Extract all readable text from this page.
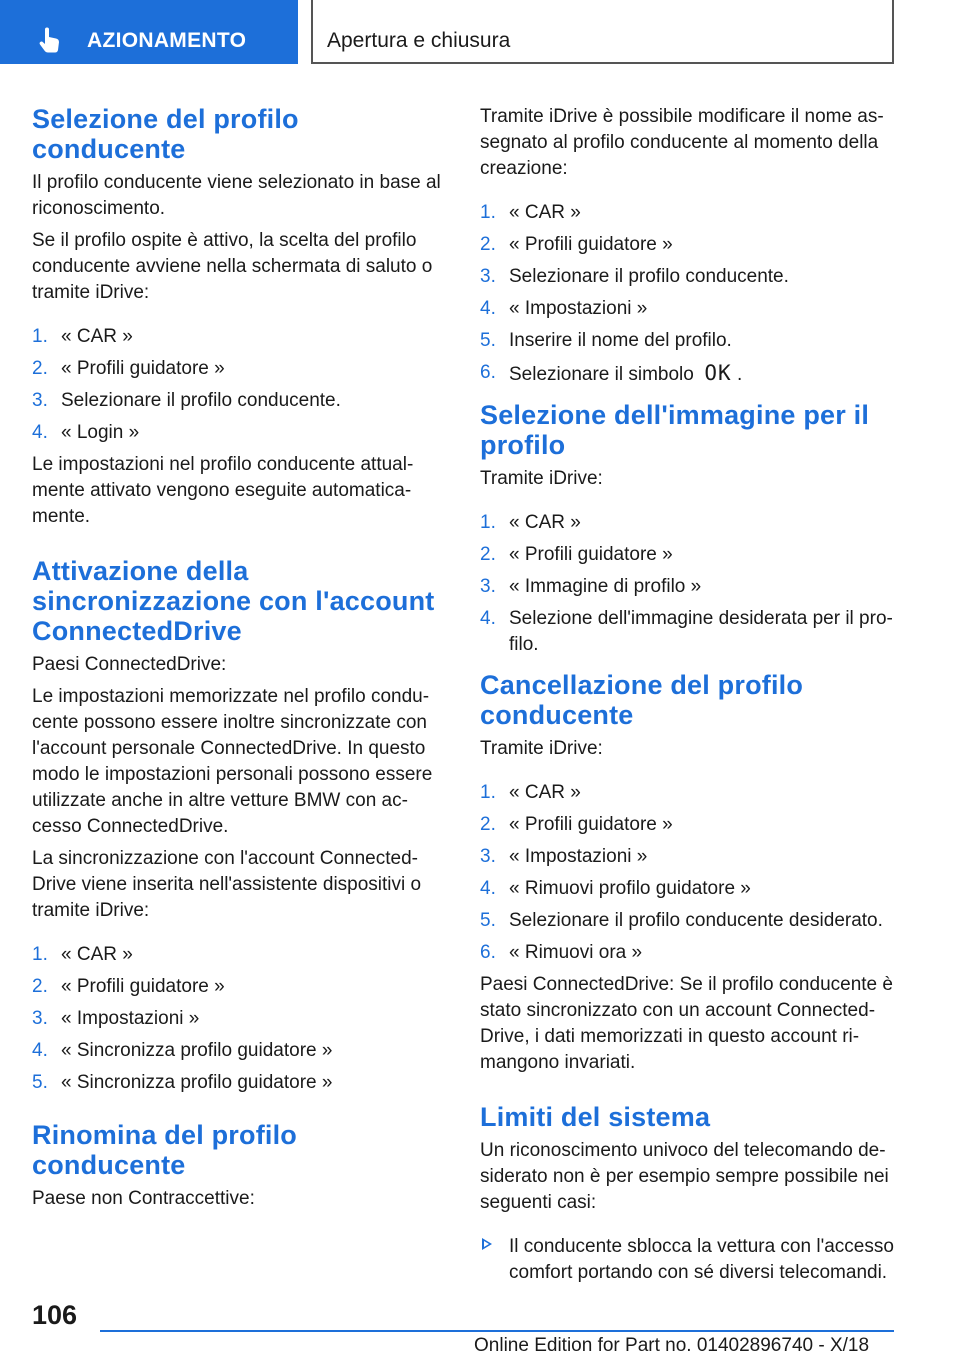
AZIONAMENTO	Apertura e chiusura
Selezione del profilo conducente

Il profilo conducente viene selezionato in base al riconoscimento.

Se il profilo ospite è attivo, la scelta del profilo conducente avviene nella schermata di saluto o tramite iDrive:

1. « CAR »
2. « Profili guidatore »
3. Selezionare il profilo conducente.
4. « Login »

Le impostazioni nel profilo conducente attualmente attivato vengono eseguite automaticamente.

Attivazione della sincronizzazione con l'account ConnectedDrive

Paesi ConnectedDrive:

Le impostazioni memorizzate nel profilo conducente possono essere inoltre sincronizzate con l'account personale ConnectedDrive. In questo modo le impostazioni personali possono essere utilizzate anche in altre vetture BMW con accesso ConnectedDrive.

La sincronizzazione con l'account ConnectedDrive viene inserita nell'assistente dispositivi o tramite iDrive:

1. « CAR »
2. « Profili guidatore »
3. « Impostazioni »
4. « Sincronizza profilo guidatore »
5. « Sincronizza profilo guidatore »
Rinomina del profilo conducente

Paese non Contraccettive:

Tramite iDrive è possibile modificare il nome assegnato al profilo conducente al momento della creazione:

1. « CAR »
2. « Profili guidatore »
3. Selezionare il profilo conducente.
4. « Impostazioni »
5. Inserire il nome del profilo.
6. Selezionare il simbolo OK .
Selezione dell'immagine per il profilo

Tramite iDrive:

1. « CAR »
2. « Profili guidatore »
3. « Immagine di profilo »
4. Selezione dell'immagine desiderata per il profilo.
Cancellazione del profilo conducente

Tramite iDrive:

1. « CAR »
2. « Profili guidatore »
3. « Impostazioni »
4. « Rimuovi profilo guidatore »
5. Selezionare il profilo conducente desiderato.
6. « Rimuovi ora »

Paesi ConnectedDrive: Se il profilo conducente è stato sincronizzato con un account ConnectedDrive, i dati memorizzati in questo account rimangono invariati.

Limiti del sistema

Un riconoscimento univoco del telecomando desiderato non è per esempio sempre possibile nei seguenti casi:

Il conducente sblocca la vettura con l'accesso comfort portando con sé diversi telecomandi.
106
Online Edition for Part no. 01402896740 - X/18
